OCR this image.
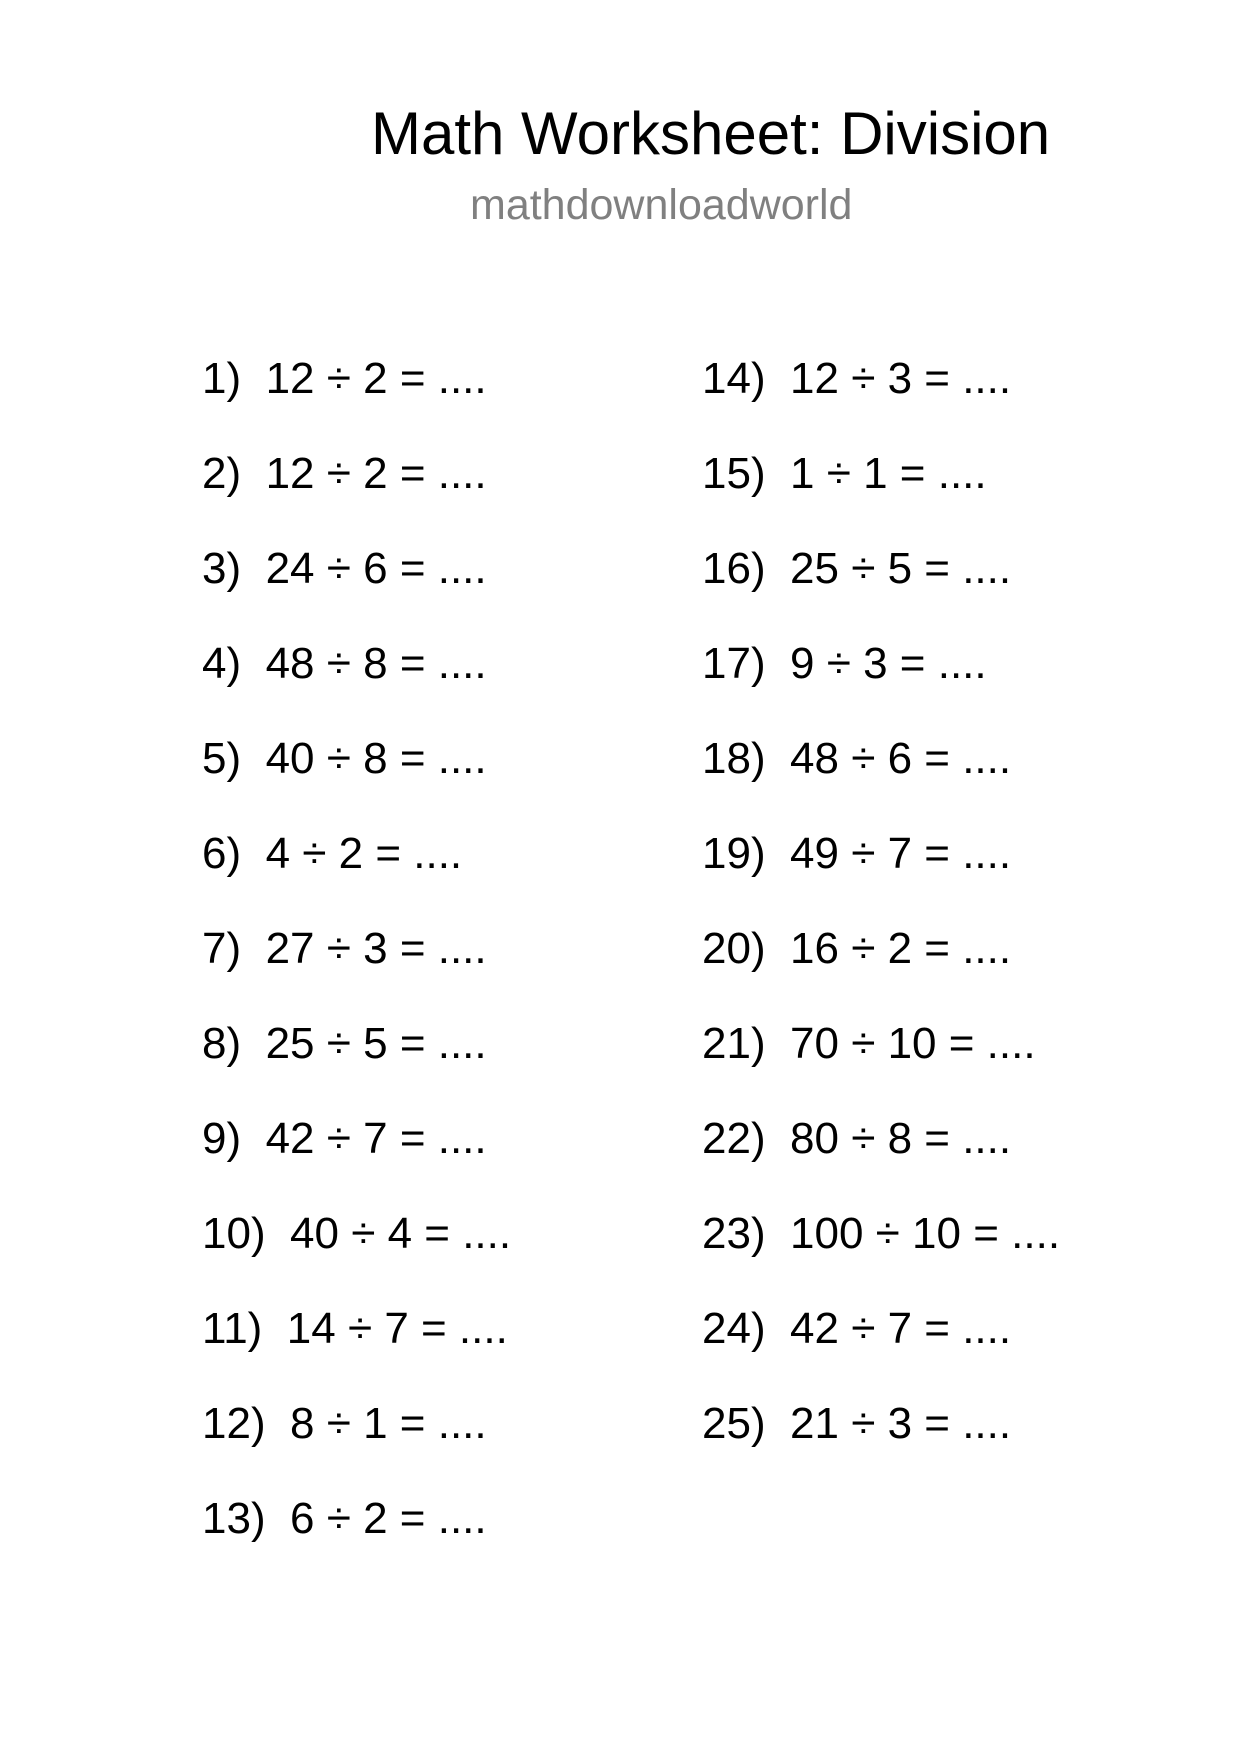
Math Worksheet: Division
mathdownloadworld
1) 12 ÷ 2 = ....
2) 12 ÷ 2 = ....
3) 24 ÷ 6 = ....
4) 48 ÷ 8 = ....
5) 40 ÷ 8 = ....
6) 4 ÷ 2 = ....
7) 27 ÷ 3 = ....
8) 25 ÷ 5 = ....
9) 42 ÷ 7 = ....
10) 40 ÷ 4 = ....
11) 14 ÷ 7 = ....
12) 8 ÷ 1 = ....
13) 6 ÷ 2 = ....
14) 12 ÷ 3 = ....
15) 1 ÷ 1 = ....
16) 25 ÷ 5 = ....
17) 9 ÷ 3 = ....
18) 48 ÷ 6 = ....
19) 49 ÷ 7 = ....
20) 16 ÷ 2 = ....
21) 70 ÷ 10 = ....
22) 80 ÷ 8 = ....
23) 100 ÷ 10 = ....
24) 42 ÷ 7 = ....
25) 21 ÷ 3 = ....
